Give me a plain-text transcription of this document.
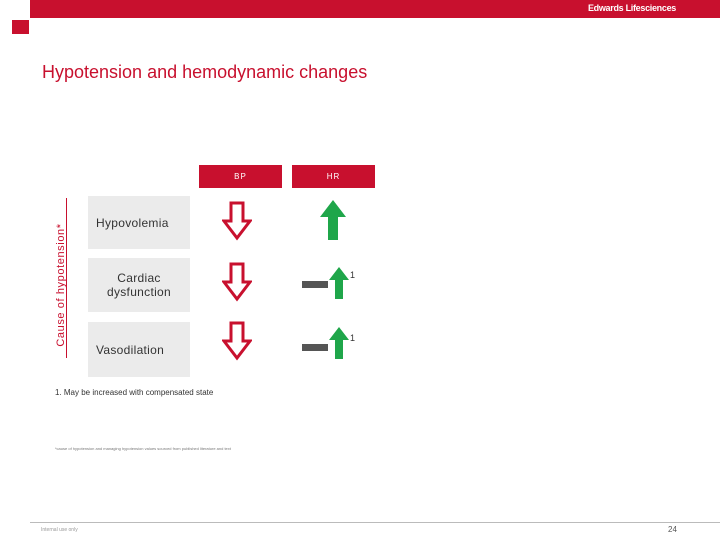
Edwards Lifesciences
Hypotension and hemodynamic changes
BP	HR
Cause of hypotension*
Hypovolemia
Cardiac dysfunction
Vasodilation
1
1
1. May be increased with compensated state
*cause of hypotension and managing hypotension values sourced from published literature and text
Internal use only	24
